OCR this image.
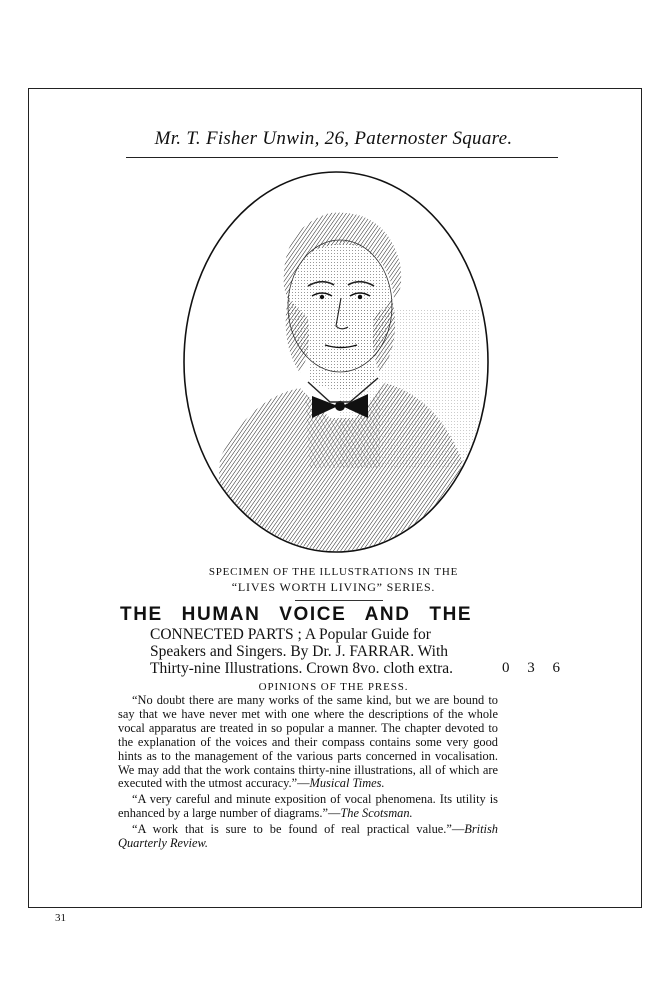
Mr. T. Fisher Unwin, 26, Paternoster Square.
SPECIMEN OF THE ILLUSTRATIONS IN THE
“LIVES WORTH LIVING” SERIES.
THE HUMAN VOICE AND THE
CONNECTED PARTS ; A Popular Guide for
Speakers and Singers. By Dr. J. FARRAR. With
Thirty-nine Illustrations. Crown 8vo. cloth extra.	0 3 6
OPINIONS OF THE PRESS.

“No doubt there are many works of the same kind, but we are bound to say that we have never met with one where the descriptions of the whole vocal apparatus are treated in so popular a manner. The chapter devoted to the explanation of the voices and their compass contains some very good hints as to the management of the various parts concerned in vocalisation. We may add that the work contains thirty-nine illustrations, all of which are executed with the utmost accuracy.”—Musical Times.

“A very careful and minute exposition of vocal phenomena. Its utility is enhanced by a large number of diagrams.”—The Scotsman.

“A work that is sure to be found of real practical value.”—British Quarterly Review.

31
